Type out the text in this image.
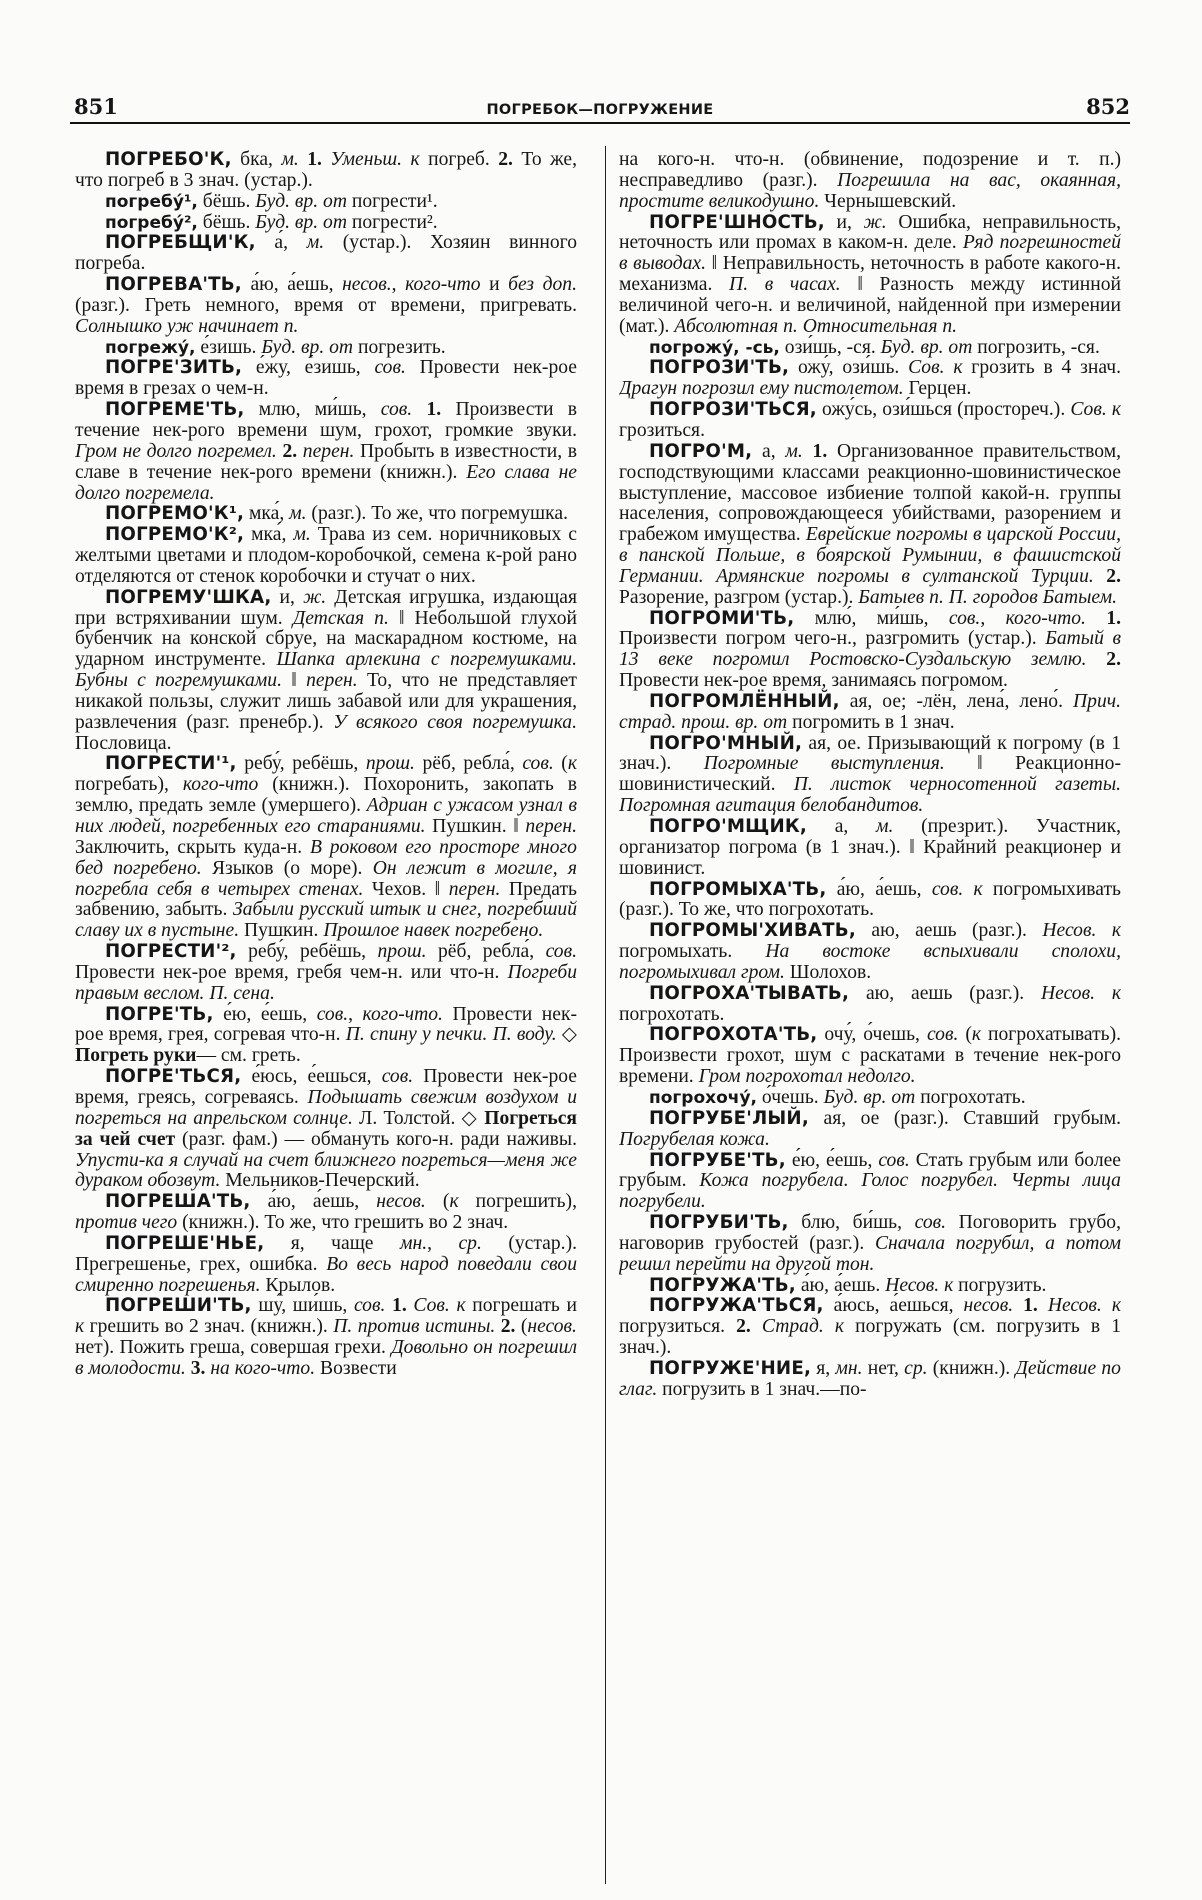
851	ПОГРЕБОК—ПОГРУЖЕНИЕ	852

ПОГРЕБО'К, бка́, м. 1. Уменьш. к погреб. 2. То же, что погреб в 3 знач. (устар.).

погребу́¹, бёшь. Буд. вр. от погрести¹.

погребу́², бёшь. Буд. вр. от погрести².

ПОГРЕБЩИ'К, а́, м. (устар.). Хозяин винного погреба.

ПОГРЕВА'ТЬ, а́ю, а́ешь, несов., кого-что и без доп. (разг.). Греть немного, время от времени, пригревать. Солнышко уж начинает п.

погрежу́, е́зишь. Буд. вр. от погрезить.

ПОГРЕ'ЗИТЬ, е́жу, е́зишь, сов. Провести нек-рое время в грезах о чем-н.

ПОГРЕМЕ'ТЬ, млю, ми́шь, сов. 1. Произвести в течение нек-рого времени шум, грохот, громкие звуки. Гром не долго погремел. 2. перен. Пробыть в известности, в славе в течение нек-рого времени (книжн.). Его слава не долго погремела.

ПОГРЕМО'К¹, мка́, м. (разг.). То же, что погремушка.

ПОГРЕМО'К², мка́, м. Трава из сем. норичниковых с желтыми цветами и плодом-коробочкой, семена к-рой рано отделяются от стенок коробочки и стучат о них.

ПОГРЕМУ'ШКА, и, ж. Детская игрушка, издающая при встряхивании шум. Детская п. ‖ Небольшой глухой бубенчик на конской сбруе, на маскарадном костюме, на ударном инструменте. Шапка арлекина с погремушками. Бубны с погремушками. ‖ перен. То, что не представляет никакой пользы, служит лишь забавой или для украшения, развлечения (разг. пренебр.). У всякого своя погремушка. Пословица.

ПОГРЕСТИ'¹, ребу́, ребёшь, прош. рёб, ребла́, сов. (к погребать), кого-что (книжн.). Похоронить, закопать в землю, предать земле (умершего). Адриан с ужасом узнал в них людей, погребенных его стараниями. Пушкин. ‖ перен. Заключить, скрыть куда-н. В роковом его просторе много бед погребено. Языков (о море). Он лежит в могиле, я погребла себя в четырех стенах. Чехов. ‖ перен. Предать забвению, забыть. Забыли русский штык и снег, погребший славу их в пустыне. Пушкин. Прошлое навек погребено.

ПОГРЕСТИ'², ребу́, ребёшь, прош. рёб, ребла́, сов. Провести нек-рое время, гребя чем-н. или что-н. Погреби правым веслом. П. сена.

ПОГРЕ'ТЬ, е́ю, е́ешь, сов., кого-что. Провести нек-рое время, грея, согревая что-н. П. спину у печки. П. воду. ◇ Погреть руки— см. греть.

ПОГРЕ'ТЬСЯ, е́юсь, е́ешься, сов. Провести нек-рое время, греясь, согреваясь. Подышать свежим воздухом и погреться на апрельском солнце. Л. Толстой. ◇ Погреться за чей счет (разг. фам.) — обмануть кого-н. ради наживы. Упусти-ка я случай на счет ближнего погреться—меня же дураком обозвут. Мельников-Печерский.

ПОГРЕША'ТЬ, а́ю, а́ешь, несов. (к погрешить), против чего (книжн.). То же, что грешить во 2 знач.

ПОГРЕШЕ'НЬЕ, я, чаще мн., ср. (устар.). Прегрешенье, грех, ошибка. Во весь народ поведали свои смиренно погрешенья. Крылов.

ПОГРЕШИ'ТЬ, шу́, ши́шь, сов. 1. Сов. к погрешать и к грешить во 2 знач. (книжн.). П. против истины. 2. (несов. нет). Пожить греша, совершая грехи. Довольно он погрешил в молодости. 3. на кого-что. Возвести

на кого-н. что-н. (обвинение, подозрение и т. п.) несправедливо (разг.). Погрешила на вас, окаянная, простите великодушно. Чернышевский.

ПОГРЕ'ШНОСТЬ, и, ж. Ошибка, неправильность, неточность или промах в каком-н. деле. Ряд погрешностей в выводах. ‖ Неправильность, неточность в работе какого-н. механизма. П. в часах. ‖ Разность между истинной величиной чего-н. и величиной, найденной при измерении (мат.). Абсолютная п. Относительная п.

погрожу́, -сь, ози́шь, -ся. Буд. вр. от погрозить, -ся.

ПОГРОЗИ'ТЬ, ожу́, ози́шь. Сов. к грозить в 4 знач. Драгун погрозил ему пистолетом. Герцен.

ПОГРОЗИ'ТЬСЯ, ожу́сь, ози́шься (простореч.). Сов. к грозиться.

ПОГРО'М, а, м. 1. Организованное правительством, господствующими классами реакционно-шовинистическое выступление, массовое избиение толпой какой-н. группы населения, сопровождающееся убийствами, разорением и грабежом имущества. Еврейские погромы в царской России, в панской Польше, в боярской Румынии, в фашистской Германии. Армянские погромы в султанской Турции. 2. Разорение, разгром (устар.). Батыев п. П. городов Батыем.

ПОГРОМИ'ТЬ, млю́, ми́шь, сов., кого-что. 1. Произвести погром чего-н., разгромить (устар.). Батый в 13 веке погромил Ростовско-Суздальскую землю. 2. Провести нек-рое время, занимаясь погромом.

ПОГРОМЛЁННЫЙ, ая, ое; -лён, лена́, лено́. Прич. страд. прош. вр. от погромить в 1 знач.

ПОГРО'МНЫЙ, ая, ое. Призывающий к погрому (в 1 знач.). Погромные выступления. ‖ Реакционно-шовинистический. П. листок черносотенной газеты. Погромная агитация белобандитов.

ПОГРО'МЩИК, а, м. (презрит.). Участник, организатор погрома (в 1 знач.). ‖ Крайний реакционер и шовинист.

ПОГРОМЫХА'ТЬ, а́ю, а́ешь, сов. к погромыхивать (разг.). То же, что погрохотать.

ПОГРОМЫ'ХИВАТЬ, аю, аешь (разг.). Несов. к погромыхать. На востоке вспыхивали сполохи, погромыхивал гром. Шолохов.

ПОГРОХА'ТЫВАТЬ, аю, аешь (разг.). Несов. к погрохотать.

ПОГРОХОТА'ТЬ, очу́, о́чешь, сов. (к погрохатывать). Произвести грохот, шум с раскатами в течение нек-рого времени. Гром погрохотал недолго.

погрохочу́, о́чешь. Буд. вр. от погрохотать.

ПОГРУБЕ'ЛЫЙ, ая, ое (разг.). Ставший грубым. Погрубелая кожа.

ПОГРУБЕ'ТЬ, е́ю, е́ешь, сов. Стать грубым или более грубым. Кожа погрубела. Голос погрубел. Черты лица погрубели.

ПОГРУБИ'ТЬ, блю, би́шь, сов. Поговорить грубо, наговорив грубостей (разг.). Сначала погрубил, а потом решил перейти на другой тон.

ПОГРУЖА'ТЬ, а́ю, а́ешь. Несов. к погрузить.

ПОГРУЖА'ТЬСЯ, а́юсь, а́ешься, несов. 1. Несов. к погрузиться. 2. Страд. к погружать (см. погрузить в 1 знач.).

ПОГРУЖЕ'НИЕ, я, мн. нет, ср. (книжн.). Действие по глаг. погрузить в 1 знач.—по-
